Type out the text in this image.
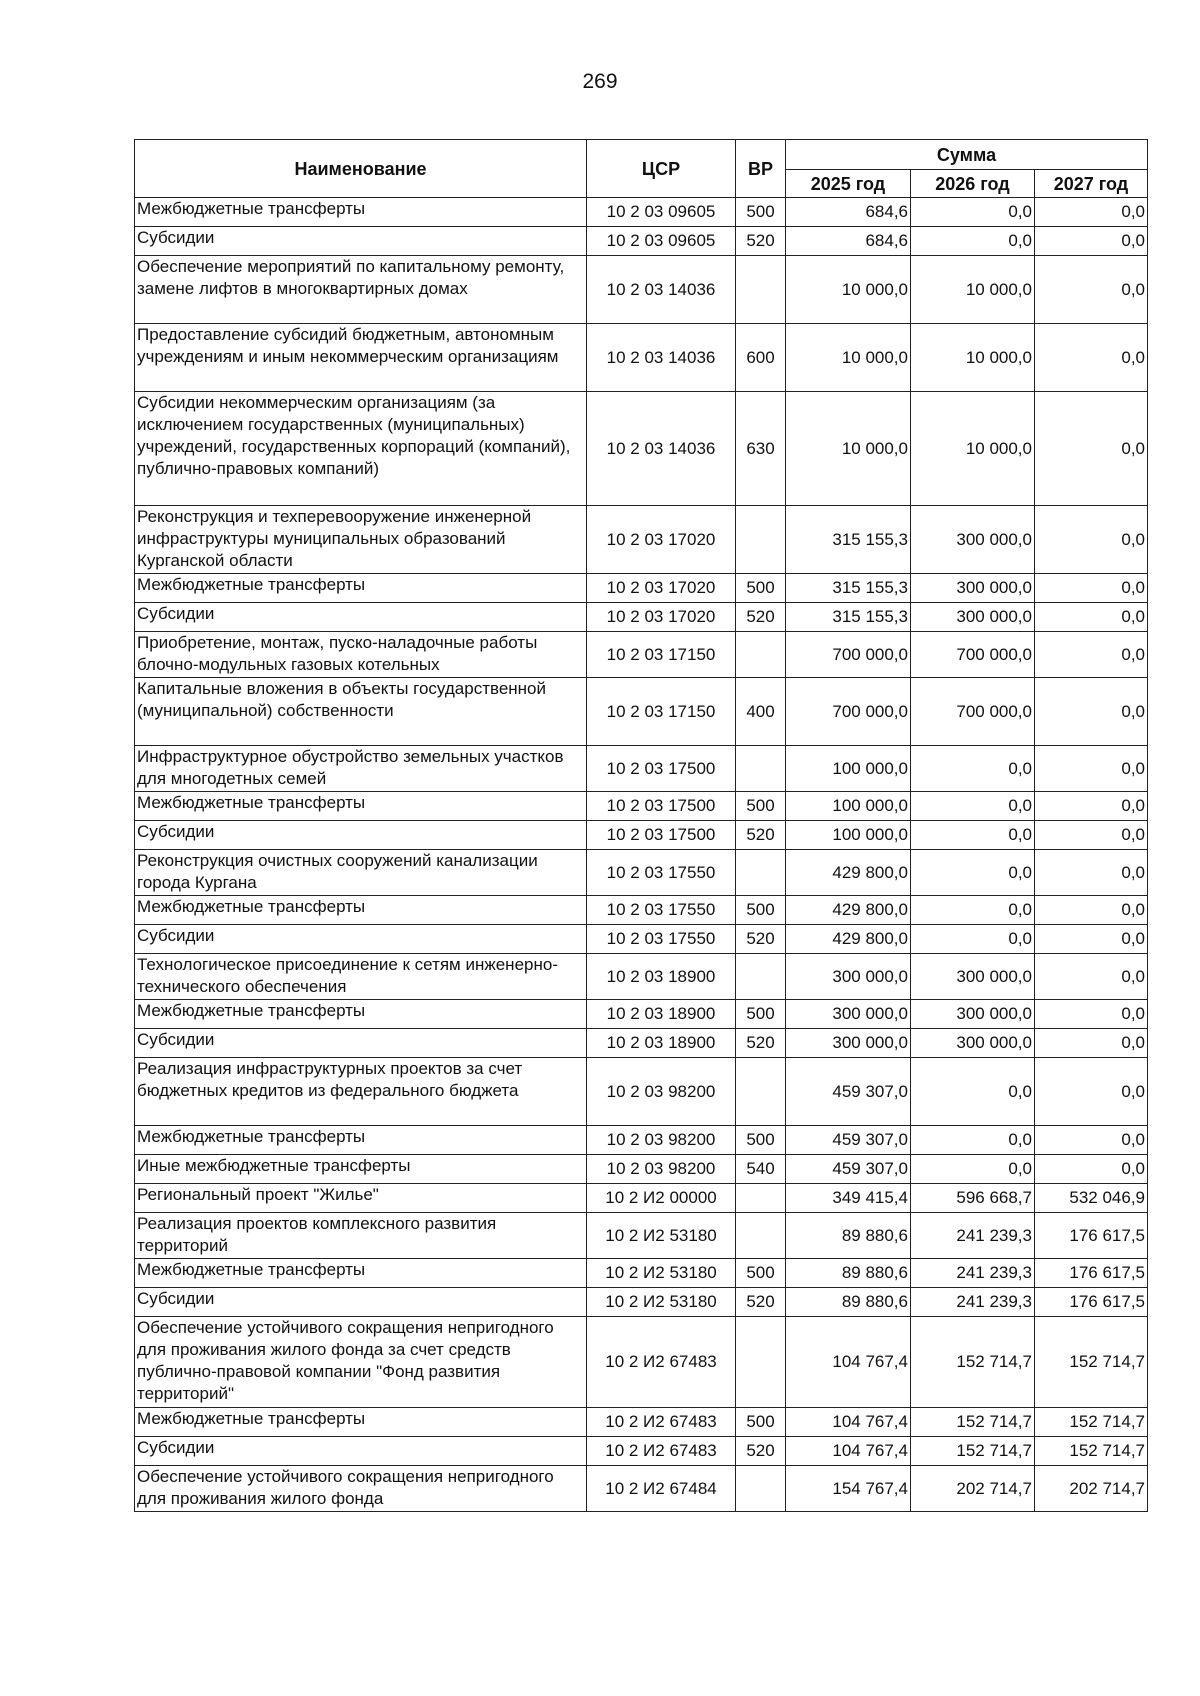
269
Наименование	ЦСР	ВР	Сумма		
			2025 год	2026 год	2027 год
Межбюджетные трансферты	10 2 03 09605	500	684,6	0,0	0,0
Субсидии	10 2 03 09605	520	684,6	0,0	0,0
Обеспечение мероприятий по капитальному ремонту, замене лифтов в многоквартирных домах	10 2 03 14036		10 000,0	10 000,0	0,0
Предоставление субсидий бюджетным, автономным учреждениям и иным некоммерческим организациям	10 2 03 14036	600	10 000,0	10 000,0	0,0
Субсидии некоммерческим организациям (за исключением государственных (муниципальных) учреждений, государственных корпораций (компаний), публично-правовых компаний)	10 2 03 14036	630	10 000,0	10 000,0	0,0
Реконструкция и техперевооружение инженерной инфраструктуры муниципальных образований Курганской области	10 2 03 17020		315 155,3	300 000,0	0,0
Межбюджетные трансферты	10 2 03 17020	500	315 155,3	300 000,0	0,0
Субсидии	10 2 03 17020	520	315 155,3	300 000,0	0,0
Приобретение, монтаж, пуско-наладочные работы блочно-модульных газовых котельных	10 2 03 17150		700 000,0	700 000,0	0,0
Капитальные вложения в объекты государственной (муниципальной) собственности	10 2 03 17150	400	700 000,0	700 000,0	0,0
Инфраструктурное обустройство земельных участков для многодетных семей	10 2 03 17500		100 000,0	0,0	0,0
Межбюджетные трансферты	10 2 03 17500	500	100 000,0	0,0	0,0
Субсидии	10 2 03 17500	520	100 000,0	0,0	0,0
Реконструкция очистных сооружений канализации города Кургана	10 2 03 17550		429 800,0	0,0	0,0
Межбюджетные трансферты	10 2 03 17550	500	429 800,0	0,0	0,0
Субсидии	10 2 03 17550	520	429 800,0	0,0	0,0
Технологическое присоединение к сетям инженерно-технического обеспечения	10 2 03 18900		300 000,0	300 000,0	0,0
Межбюджетные трансферты	10 2 03 18900	500	300 000,0	300 000,0	0,0
Субсидии	10 2 03 18900	520	300 000,0	300 000,0	0,0
Реализация инфраструктурных проектов за счет бюджетных кредитов из федерального бюджета	10 2 03 98200		459 307,0	0,0	0,0
Межбюджетные трансферты	10 2 03 98200	500	459 307,0	0,0	0,0
Иные межбюджетные трансферты	10 2 03 98200	540	459 307,0	0,0	0,0
Региональный проект "Жилье"	10 2 И2 00000		349 415,4	596 668,7	532 046,9
Реализация проектов комплексного развития территорий	10 2 И2 53180		89 880,6	241 239,3	176 617,5
Межбюджетные трансферты	10 2 И2 53180	500	89 880,6	241 239,3	176 617,5
Субсидии	10 2 И2 53180	520	89 880,6	241 239,3	176 617,5
Обеспечение устойчивого сокращения непригодного для проживания жилого фонда за счет средств публично-правовой компании "Фонд развития территорий"	10 2 И2 67483		104 767,4	152 714,7	152 714,7
Межбюджетные трансферты	10 2 И2 67483	500	104 767,4	152 714,7	152 714,7
Субсидии	10 2 И2 67483	520	104 767,4	152 714,7	152 714,7
Обеспечение устойчивого сокращения непригодного для проживания жилого фонда	10 2 И2 67484		154 767,4	202 714,7	202 714,7
